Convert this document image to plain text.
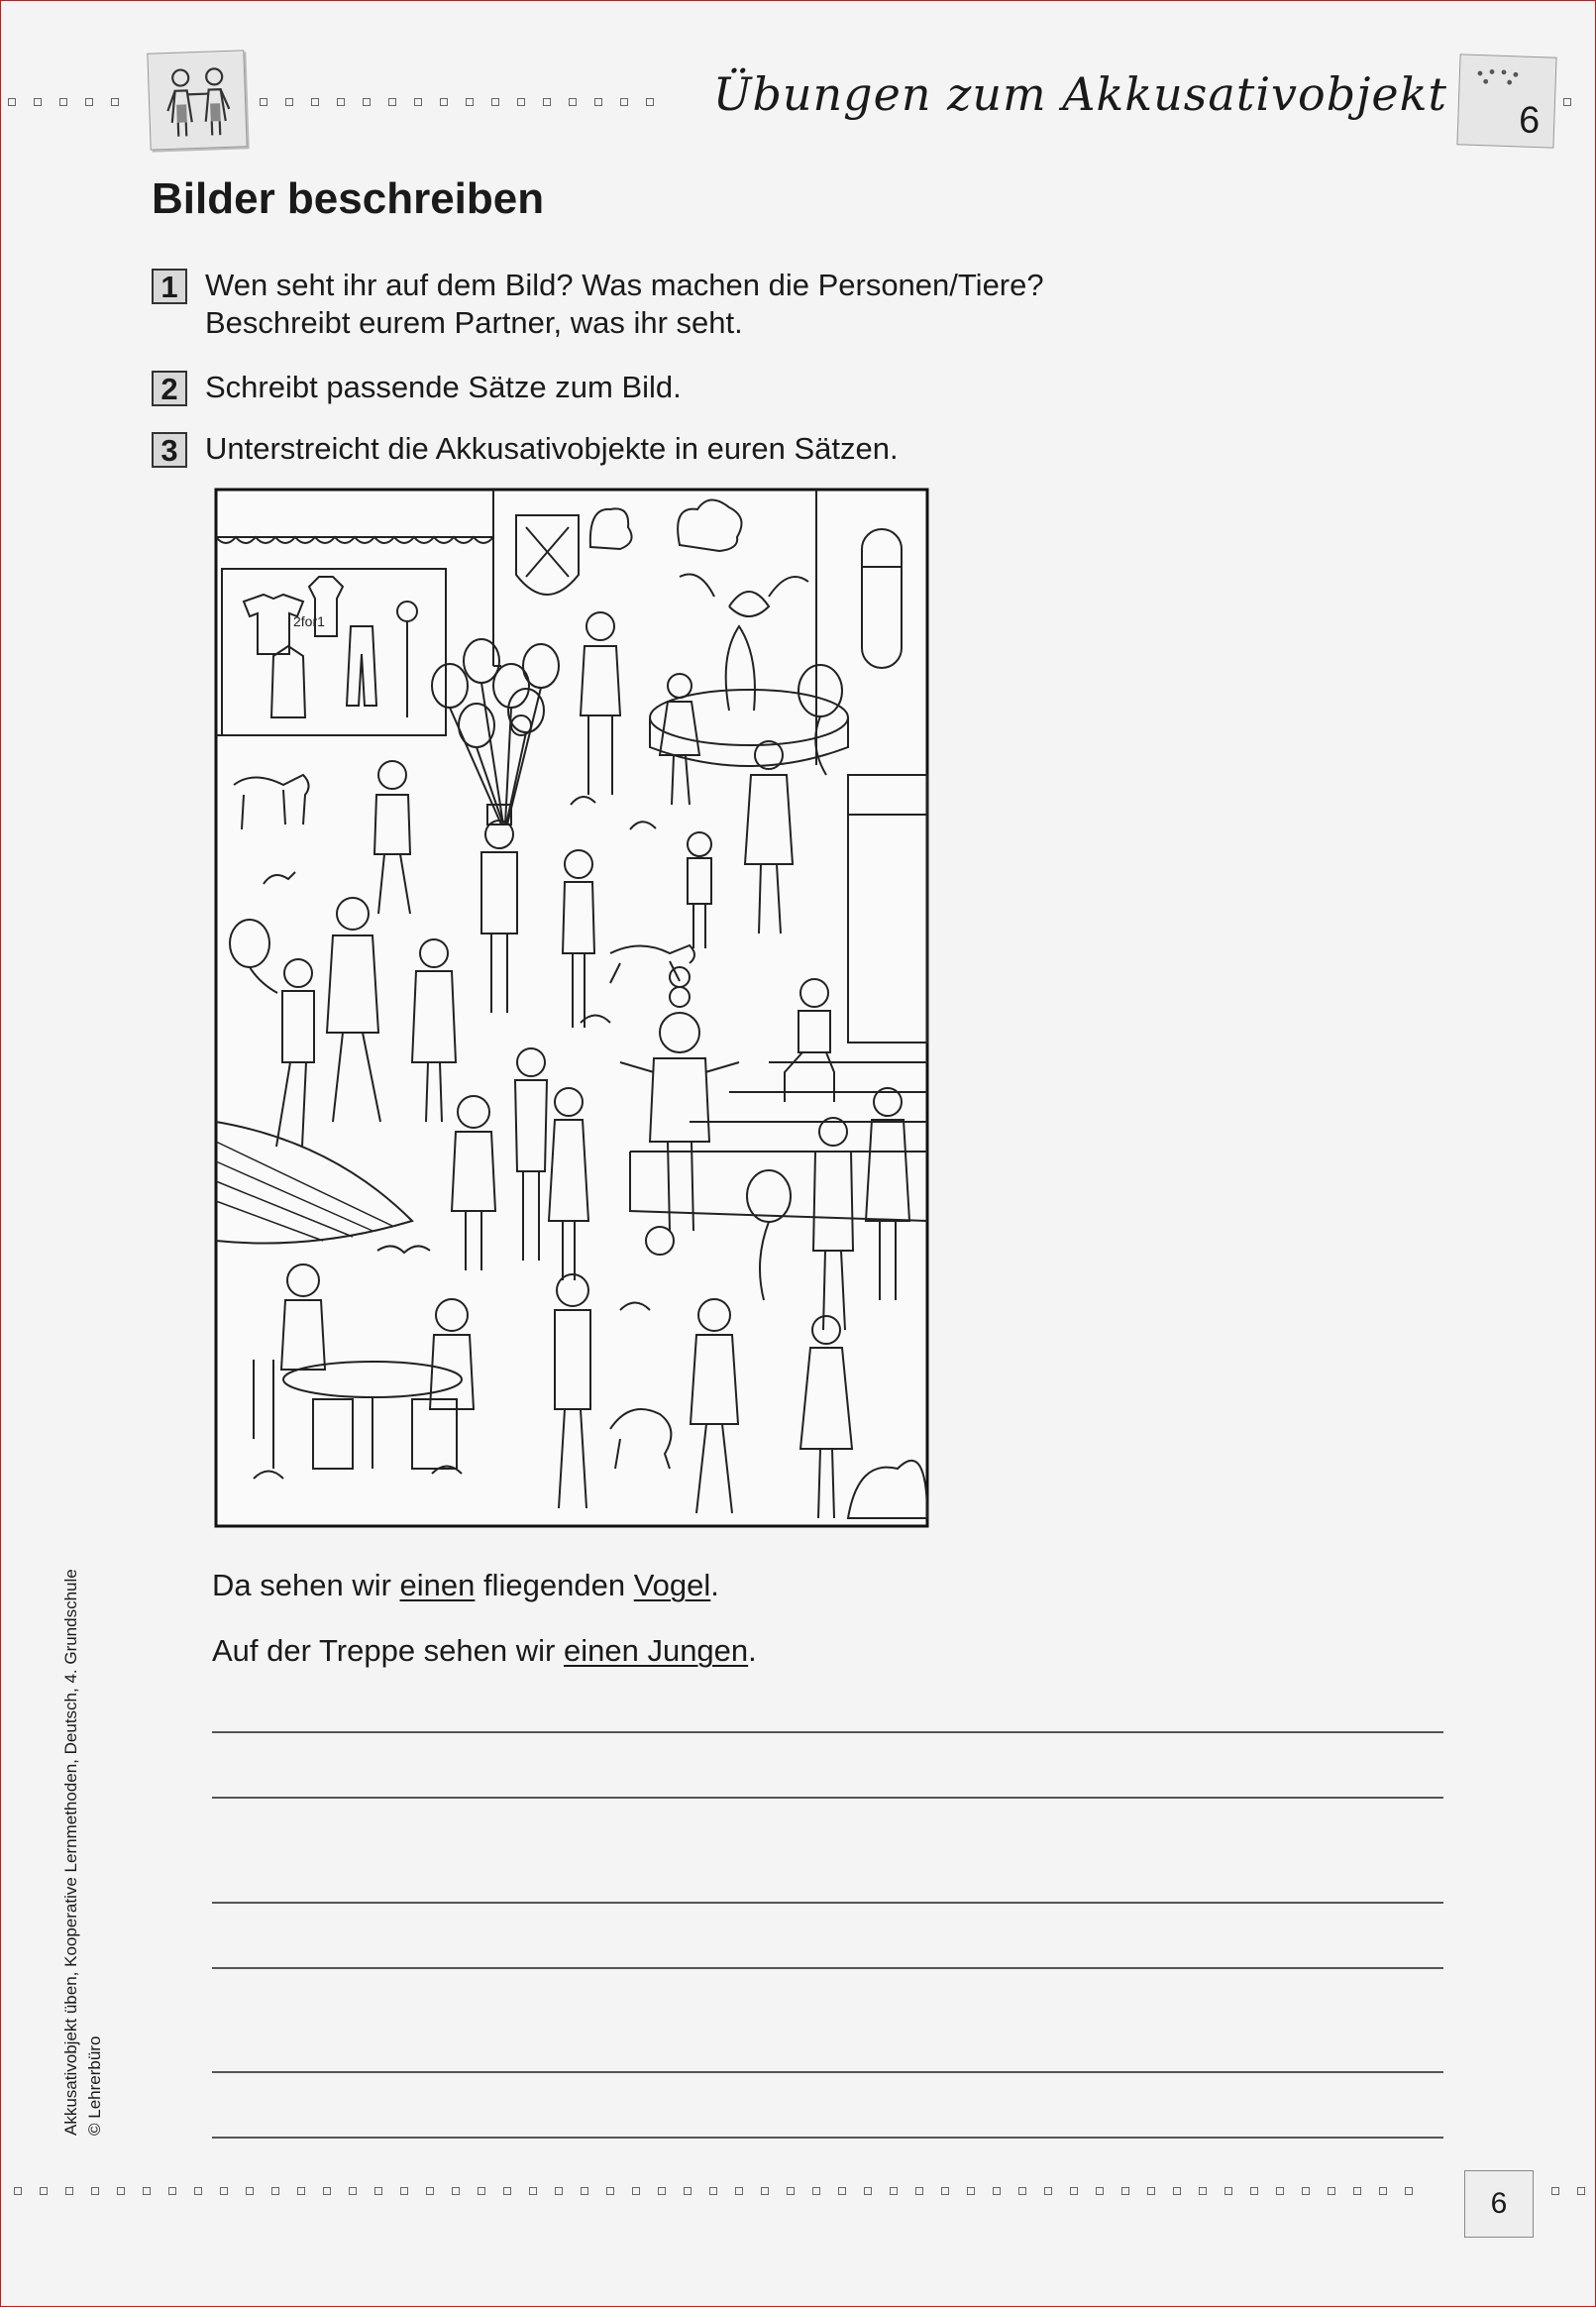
Übungen zum Akkusativobjekt 6
Bilder beschreiben
1 Wen seht ihr auf dem Bild? Was machen die Personen/Tiere?
Beschreibt eurem Partner, was ihr seht.
2 Schreibt passende Sätze zum Bild.
3 Unterstreicht die Akkusativobjekte in euren Sätzen.
2for1
Da sehen wir einen fliegenden Vogel.
Auf der Treppe sehen wir einen Jungen.
Akkusativobjekt üben, Kooperative Lernmethoden, Deutsch, 4. Grundschule © Lehrerbüro
6
